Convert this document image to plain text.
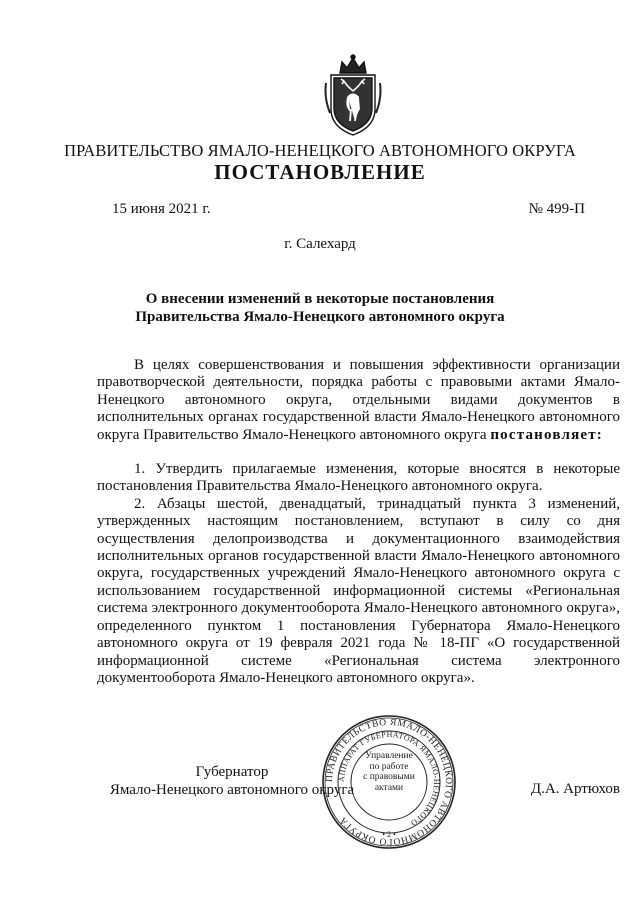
ПРАВИТЕЛЬСТВО ЯМАЛО-НЕНЕЦКОГО АВТОНОМНОГО ОКРУГА
ПОСТАНОВЛЕНИЕ
15 июня 2021 г.	№ 499-П
г. Салехард
О внесении изменений в некоторые постановления
Правительства Ямало-Ненецкого автономного округа

В целях совершенствования и повышения эффективности организации правотворческой деятельности, порядка работы с правовыми актами Ямало-Ненецкого автономного округа, отдельными видами документов в исполнительных органах государственной власти Ямало-Ненецкого автономного округа Правительство Ямало-Ненецкого автономного округа постановляет:

1. Утвердить прилагаемые изменения, которые вносятся в некоторые постановления Правительства Ямало-Ненецкого автономного округа.

2. Абзацы шестой, двенадцатый, тринадцатый пункта 3 изменений, утвержденных настоящим постановлением, вступают в силу со дня осуществления делопроизводства и документационного взаимодействия исполнительных органов государственной власти Ямало-Ненецкого автономного округа, государственных учреждений Ямало-Ненецкого автономного округа с использованием государственной информационной системы «Региональная система электронного документооборота Ямало-Ненецкого автономного округа», определенного пунктом 1 постановления Губернатора Ямало-Ненецкого автономного округа от 19 февраля 2021 года № 18-ПГ «О государственной информационной системе «Региональная система электронного документооборота Ямало-Ненецкого автономного округа».

Губернатор
Ямало-Ненецкого автономного округа	Д.А. Артюхов
ПРАВИТЕЛЬСТВО ЯМАЛО-НЕНЕЦКОГО АВТОНОМНОГО ОКРУГА
АППАРАТ ГУБЕРНАТОРА ЯМАЛО-НЕНЕЦКОГО
• 2 •
Управление
по работе
с правовыми
актами
